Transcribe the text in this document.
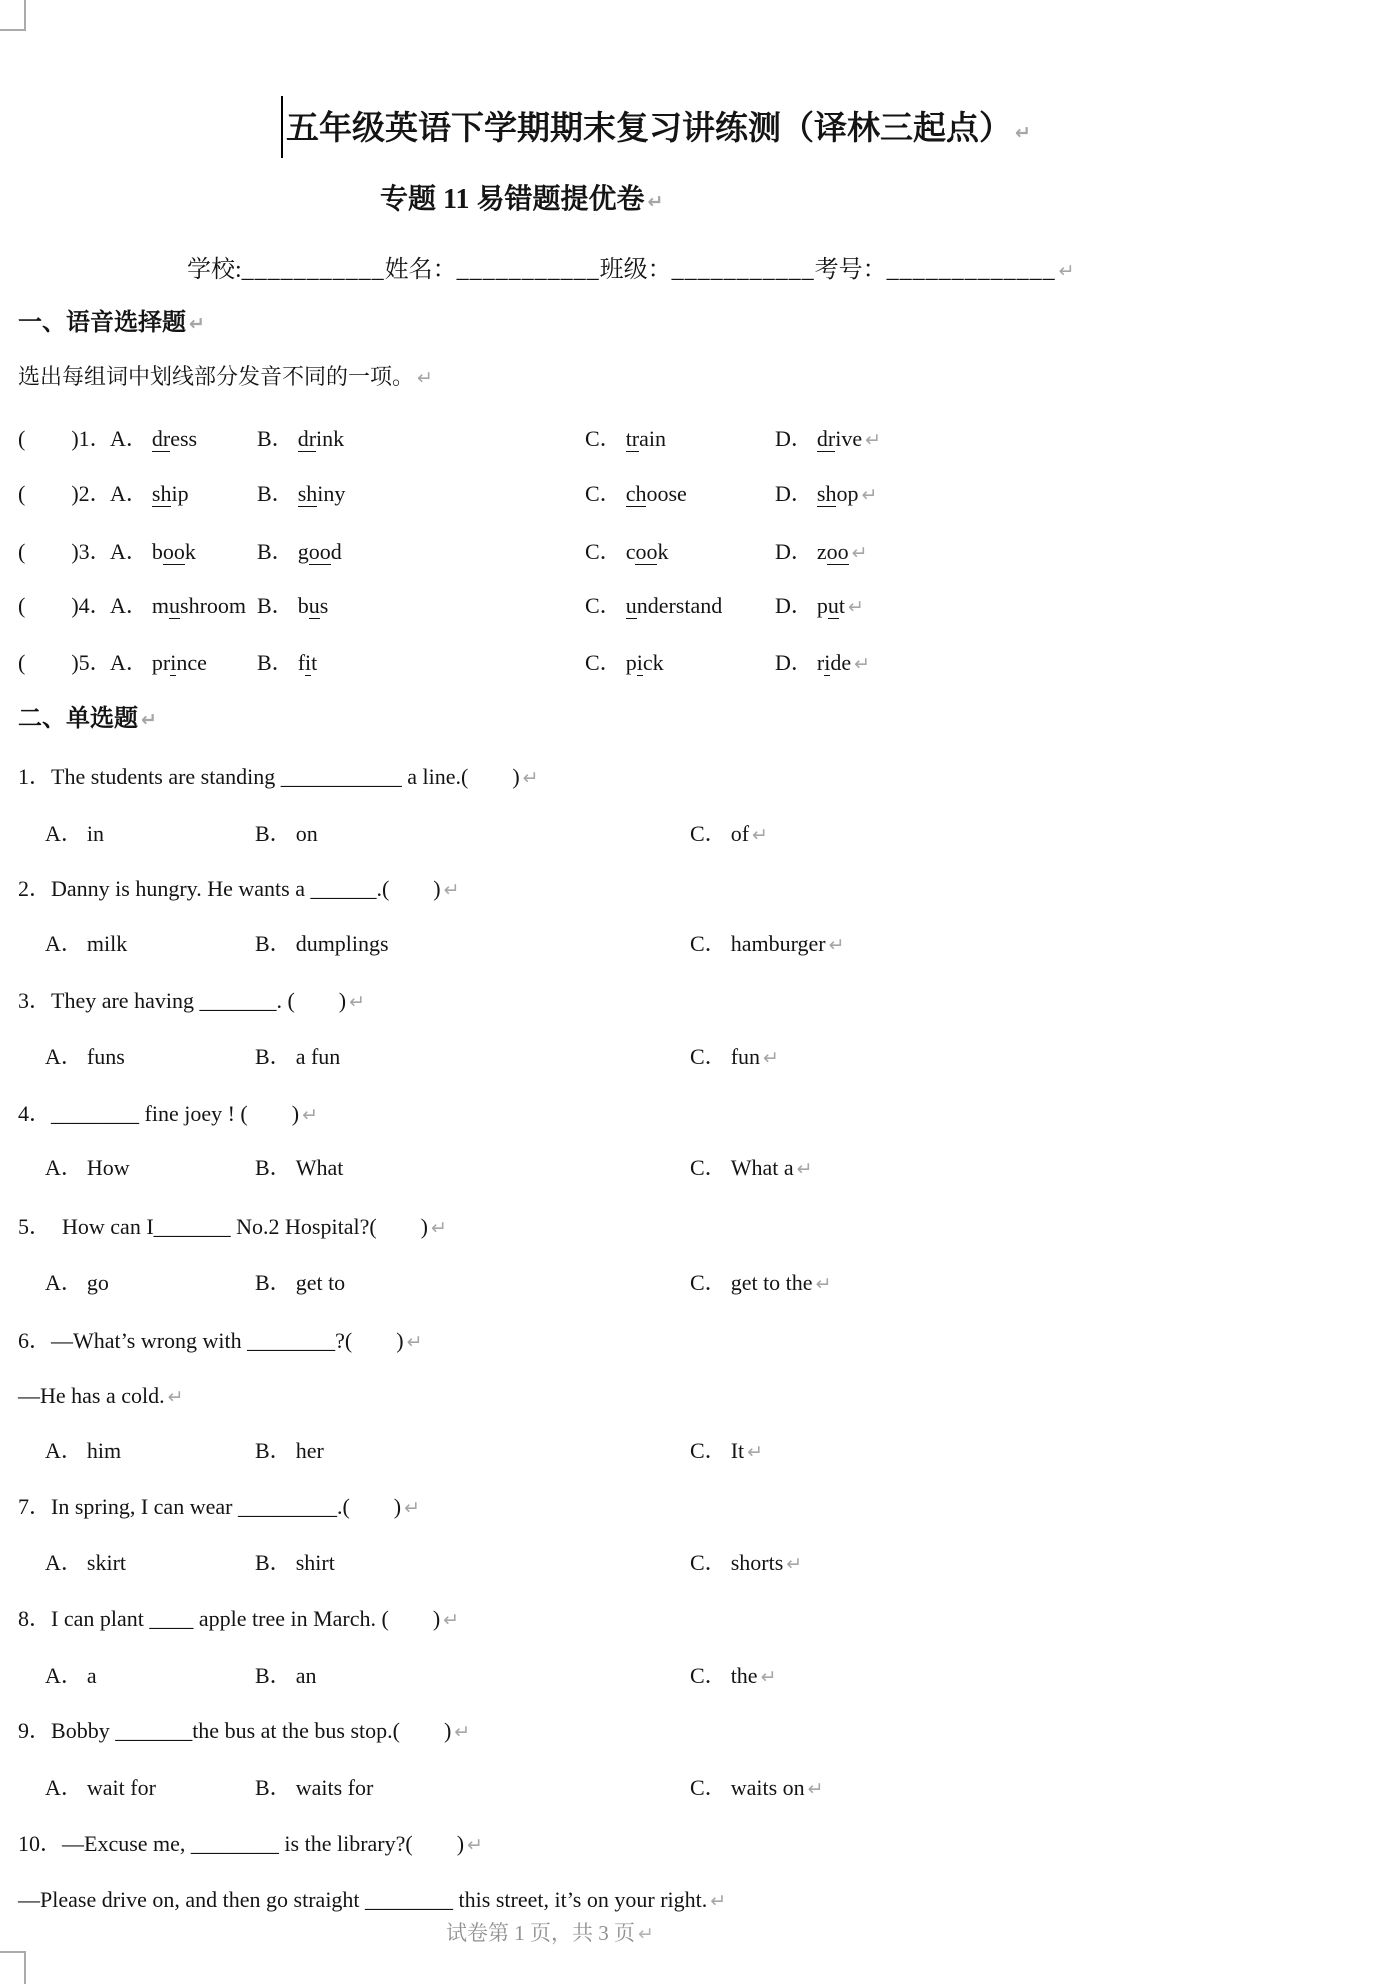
五年级英语下学期期末复习讲练测（译林三起点） ↵
专题 11 易错题提优卷 ↵
学校:___________姓名：___________班级：___________考号：_____________ ↵
一、语音选择题 ↵
选出每组词中划线部分发音不同的一项。 ↵
( )1．
A． dress	B． drink	C． train	D． drive ↵
( )2．
A． ship	B． shiny	C． choose	D． shop ↵
( )3．
A． book	B． good	C． cook	D． zoo ↵
( )4．
A． mushroom B． bus	C． understand D． put ↵
( )5．
A． prince B． fit	C． pick	D． ride ↵
二、单选题 ↵
1．The students are standing ___________ a line.(　　) ↵
A． in	B． on	C． of ↵
2．Danny is hungry. He wants a ______.(　　) ↵
A． milk	B． dumplings	C． hamburger ↵
3．They are having _______. (　　) ↵
A． funs	B． a fun	C． fun ↵
4．________ fine joey ! (　　) ↵
A． How	B． What	C． What a ↵
5．  How can I_______ No.2 Hospital?(　　) ↵
A． go	B． get to	C． get to the ↵
6．—What’s wrong with ________?(　　) ↵
—He has a cold. ↵
A． him	B． her	C． It ↵
7．In spring, I can wear _________.(　　) ↵
A． skirt	B． shirt	C． shorts ↵
8．I can plant ____ apple tree in March. (　　) ↵
A． a	B． an	C． the ↵
9．Bobby _______the bus at the bus stop.(　　) ↵
A． wait for	B． waits for	C． waits on ↵
10．—Excuse me, ________ is the library?(　　) ↵
—Please drive on, and then go straight ________ this street, it’s on your right. ↵
试卷第 1 页，共 3 页 ↵
